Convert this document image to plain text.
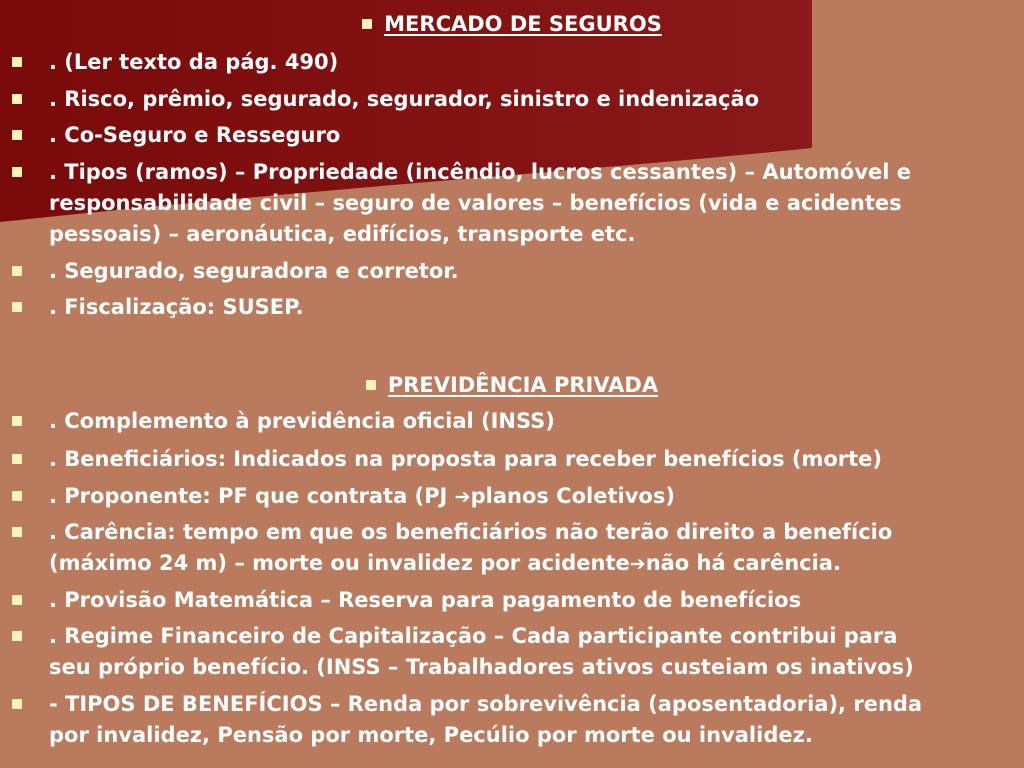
MERCADO DE SEGUROS
. (Ler texto da pág. 490)
. Risco, prêmio, segurado, segurador, sinistro e indenização
. Co-Seguro e Resseguro
. Tipos (ramos) – Propriedade (incêndio, lucros cessantes) – Automóvel e
responsabilidade civil – seguro de valores – benefícios (vida e acidentes
pessoais) – aeronáutica, edifícios, transporte etc.
. Segurado, seguradora e corretor.
. Fiscalização: SUSEP.
PREVIDÊNCIA PRIVADA
. Complemento à previdência oficial (INSS)
. Beneficiários: Indicados na proposta para receber benefícios (morte)
. Proponente: PF que contrata (PJ ➔planos Coletivos)
. Carência: tempo em que os beneficiários não terão direito a benefício
(máximo 24 m) – morte ou invalidez por acidente➔não há carência.
. Provisão Matemática – Reserva para pagamento de benefícios
. Regime Financeiro de Capitalização – Cada participante contribui para
seu próprio benefício. (INSS – Trabalhadores ativos custeiam os inativos)
- TIPOS DE BENEFÍCIOS – Renda por sobrevivência (aposentadoria), renda
por invalidez, Pensão por morte, Pecúlio por morte ou invalidez.
